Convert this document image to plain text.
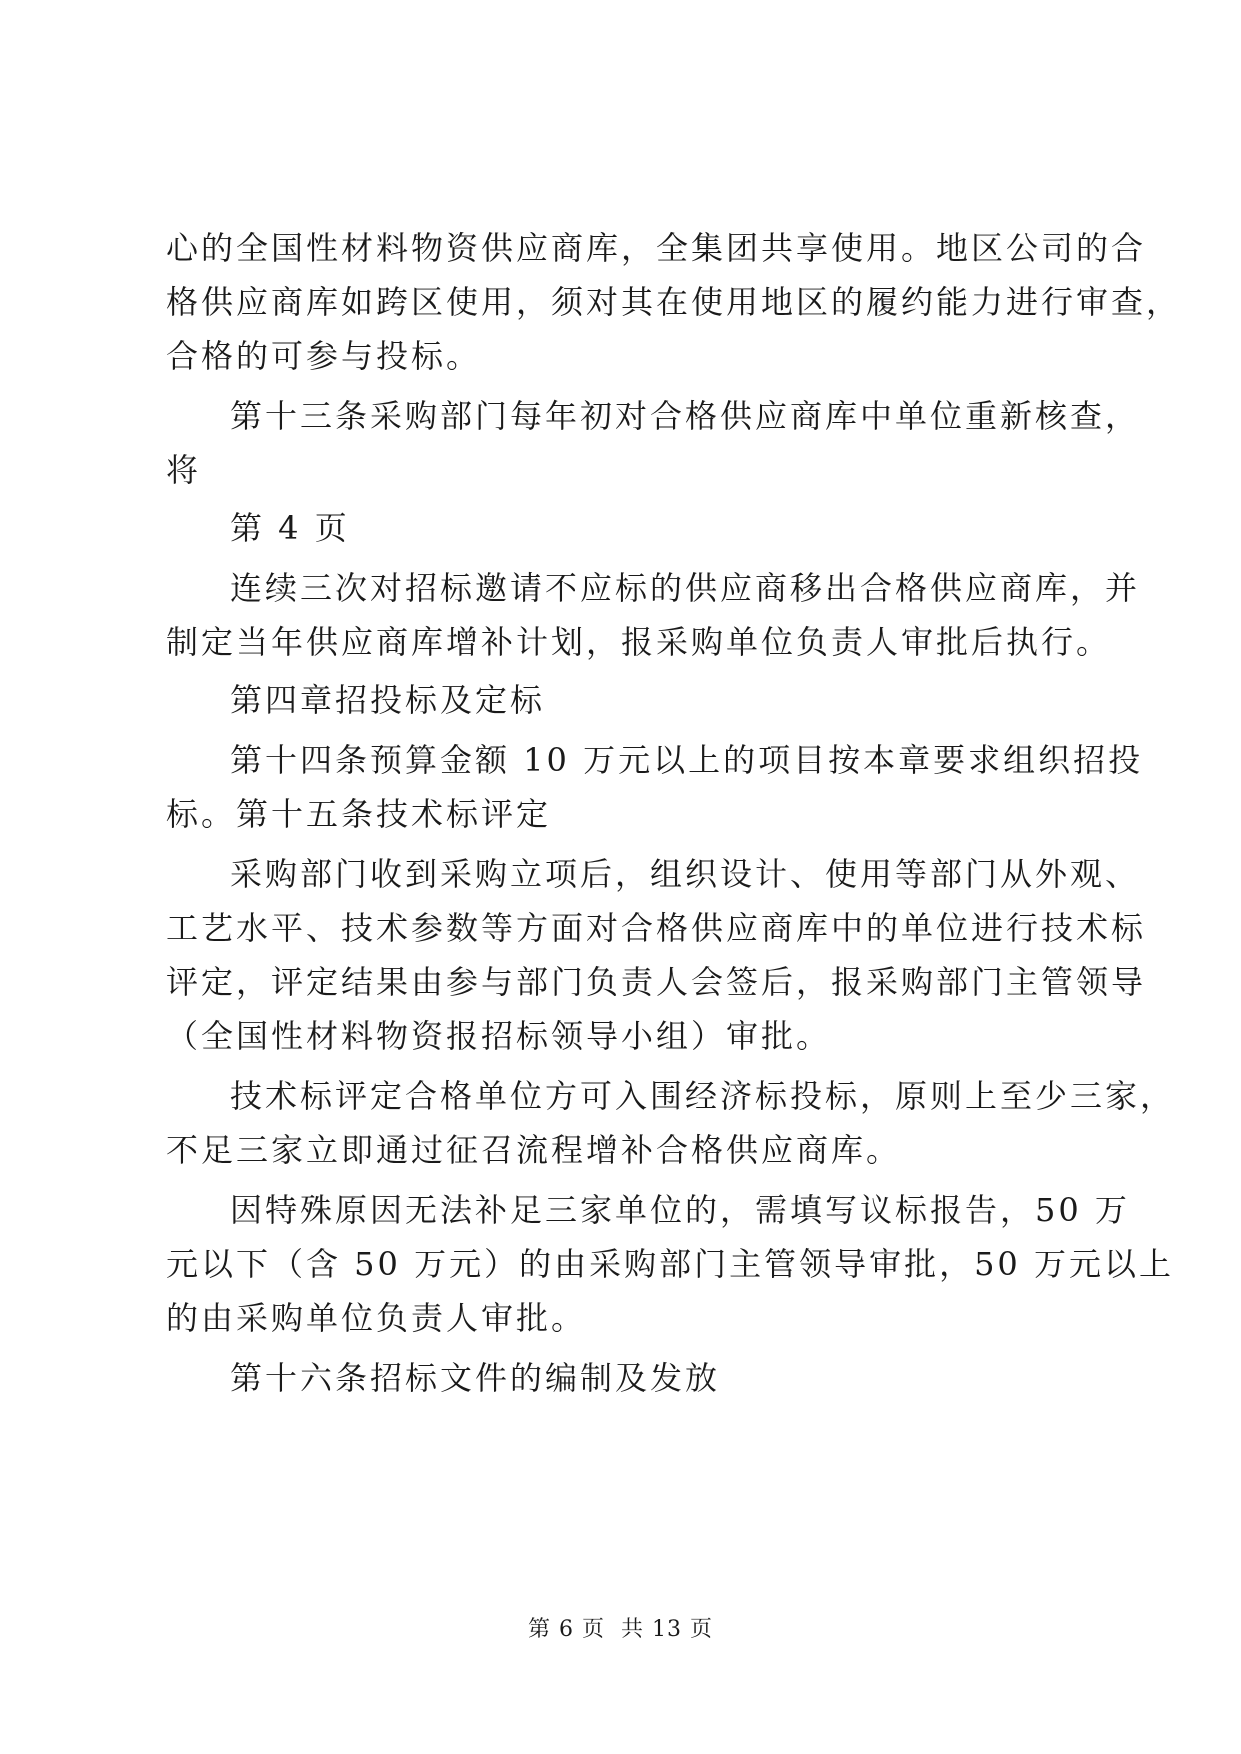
心的全国性材料物资供应商库，全集团共享使用。地区公司的合
格供应商库如跨区使用，须对其在使用地区的履约能力进行审查，
合格的可参与投标。
第十三条采购部门每年初对合格供应商库中单位重新核查，
将
第 4 页
连续三次对招标邀请不应标的供应商移出合格供应商库，并
制定当年供应商库增补计划，报采购单位负责人审批后执行。
第四章招投标及定标
第十四条预算金额 10 万元以上的项目按本章要求组织招投
标。第十五条技术标评定
采购部门收到采购立项后，组织设计、使用等部门从外观、
工艺水平、技术参数等方面对合格供应商库中的单位进行技术标
评定，评定结果由参与部门负责人会签后，报采购部门主管领导
（全国性材料物资报招标领导小组）审批。
技术标评定合格单位方可入围经济标投标，原则上至少三家，
不足三家立即通过征召流程增补合格供应商库。
因特殊原因无法补足三家单位的，需填写议标报告，50 万
元以下（含 50 万元）的由采购部门主管领导审批，50 万元以上
的由采购单位负责人审批。
第十六条招标文件的编制及发放
第 6 页 共 13 页
